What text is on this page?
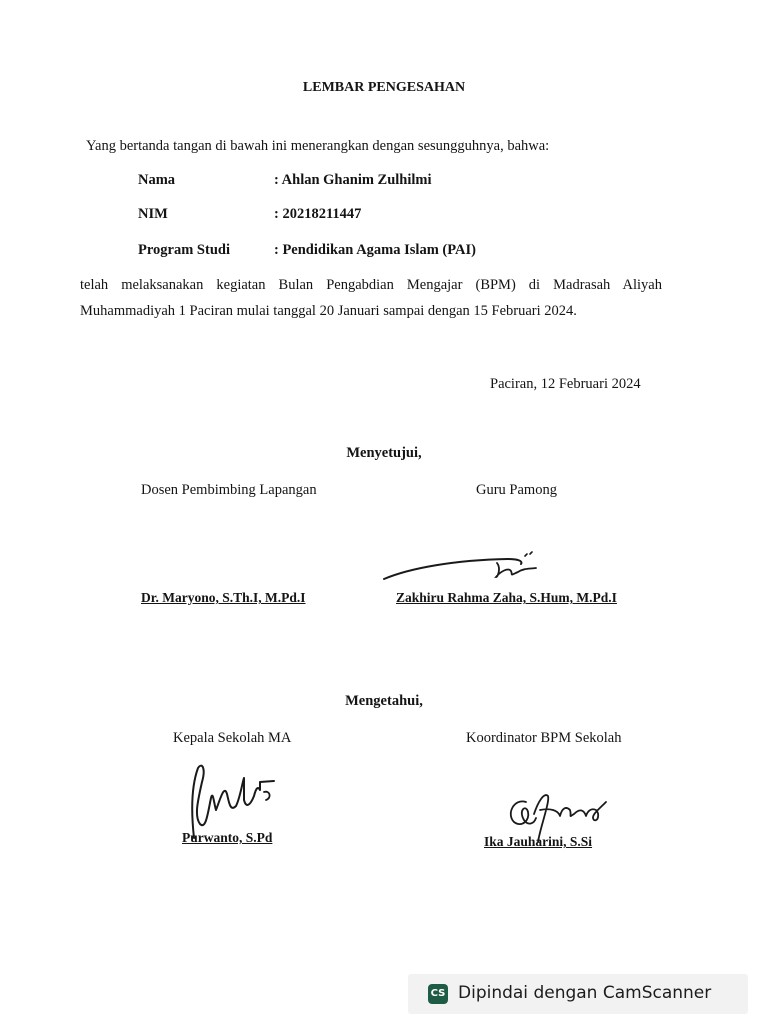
LEMBAR PENGESAHAN
Yang bertanda tangan di bawah ini menerangkan dengan sesungguhnya, bahwa:
Nama	: Ahlan Ghanim Zulhilmi
NIM	: 20218211447
Program Studi	: Pendidikan Agama Islam (PAI)
telah melaksanakan kegiatan Bulan Pengabdian Mengajar (BPM) di Madrasah Aliyah
Muhammadiyah 1 Paciran mulai tanggal 20 Januari sampai dengan 15 Februari 2024.
Paciran, 12 Februari 2024
Menyetujui,
Dosen Pembimbing Lapangan	Guru Pamong
Dr. Maryono, S.Th.I, M.Pd.I	Zakhiru Rahma Zaha, S.Hum, M.Pd.I
Mengetahui,
Kepala Sekolah MA	Koordinator BPM Sekolah
Purwanto, S.Pd	Ika Jauharini, S.Si
CS Dipindai dengan CamScanner
